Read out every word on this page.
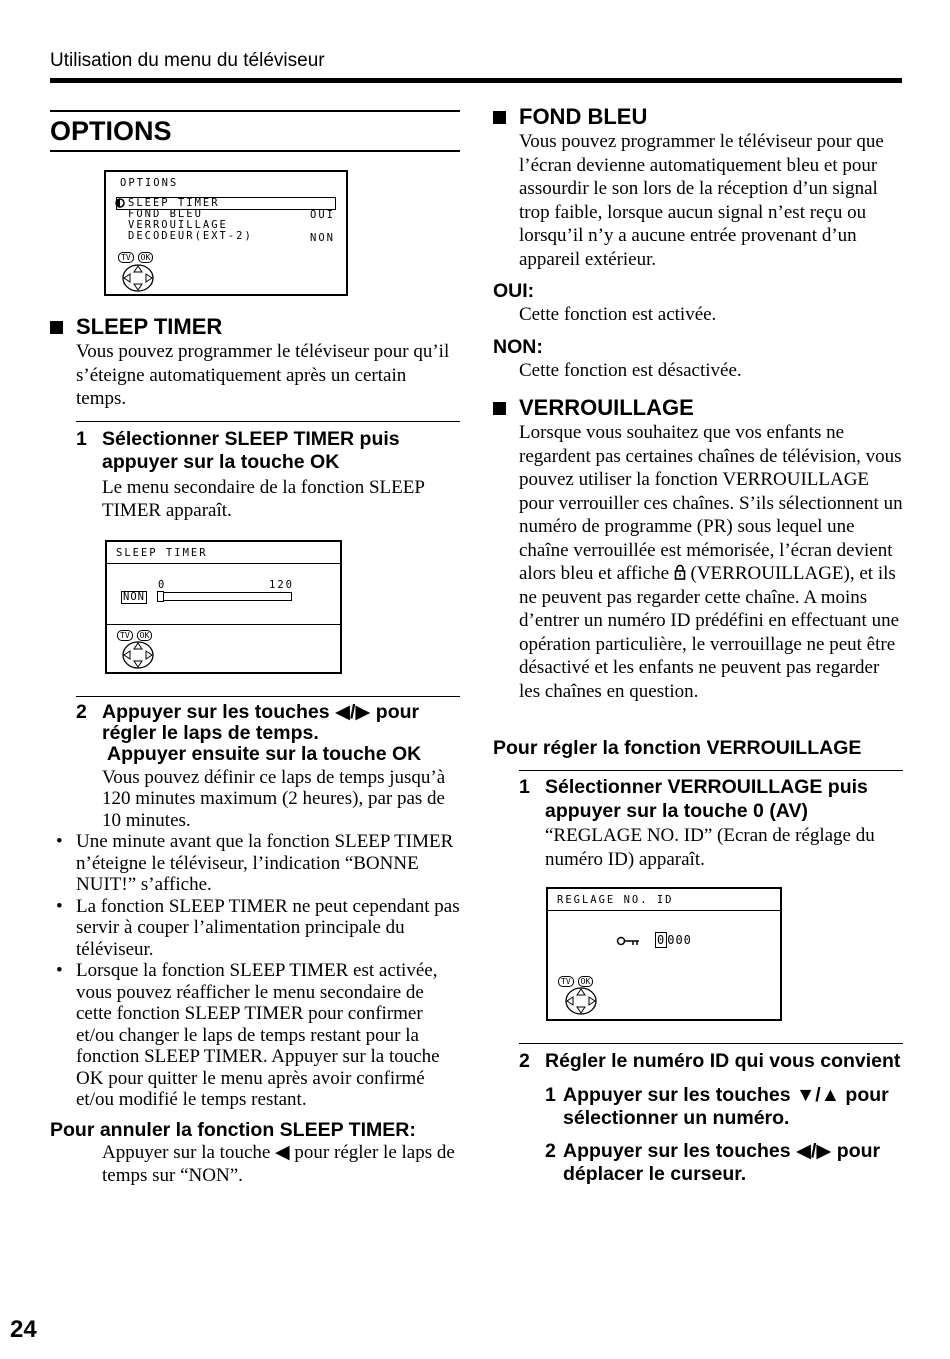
Utilisation du menu du téléviseur
OPTIONS
OPTIONS
SLEEP TIMER
FOND BLEU	OUI
VERROUILLAGE
DECODEUR(EXT-2)	NON
TV OK
SLEEP TIMER

Vous pouvez programmer le téléviseur pour qu’il s’éteigne automatiquement après un certain temps.

1 Sélectionner SLEEP TIMER puis appuyer sur la touche OK

Le menu secondaire de la fonction SLEEP TIMER apparaît.

SLEEP TIMER
0	120
NON
TV OK
2 Appuyer sur les touches ◀/▶ pour régler le laps de temps.
Appuyer ensuite sur la touche OK

Vous pouvez définir ce laps de temps jusqu’à 120 minutes maximum (2 heures), par pas de 10 minutes.

• Une minute avant que la fonction SLEEP TIMER n’éteigne le téléviseur, l’indication “BONNE NUIT!” s’affiche.
• La fonction SLEEP TIMER ne peut cependant pas servir à couper l’alimentation principale du téléviseur.
• Lorsque la fonction SLEEP TIMER est activée, vous pouvez réafficher le menu secondaire de cette fonction SLEEP TIMER pour confirmer et/ou changer le laps de temps restant pour la fonction SLEEP TIMER. Appuyer sur la touche OK pour quitter le menu après avoir confirmé et/ou modifié le temps restant.

Pour annuler la fonction SLEEP TIMER:

Appuyer sur la touche ◀ pour régler le laps de temps sur “NON”.

FOND BLEU

Vous pouvez programmer le téléviseur pour que l’écran devienne automatiquement bleu et pour assourdir le son lors de la réception d’un signal trop faible, lorsque aucun signal n’est reçu ou lorsqu’il n’y a aucune entrée provenant d’un appareil extérieur.

OUI:

Cette fonction est activée.

NON:

Cette fonction est désactivée.

VERROUILLAGE

Lorsque vous souhaitez que vos enfants ne regardent pas certaines chaînes de télévision, vous pouvez utiliser la fonction VERROUILLAGE pour verrouiller ces chaînes. S’ils sélectionnent un numéro de programme (PR) sous lequel une chaîne verrouillée est mémorisée, l’écran devient alors bleu et affiche  (VERROUILLAGE), et ils ne peuvent pas regarder cette chaîne. A moins d’entrer un numéro ID prédéfini en effectuant une opération particulière, le verrouillage ne peut être désactivé et les enfants ne peuvent pas regarder les chaînes en question.

Pour régler la fonction VERROUILLAGE

1 Sélectionner VERROUILLAGE puis appuyer sur la touche 0 (AV)

“REGLAGE NO. ID” (Ecran de réglage du numéro ID) apparaît.

REGLAGE NO. ID
0 000
TV OK
2 Régler le numéro ID qui vous convient
1 Appuyer sur les touches ▼/▲ pour sélectionner un numéro.
2 Appuyer sur les touches ◀/▶ pour déplacer le curseur.
24
